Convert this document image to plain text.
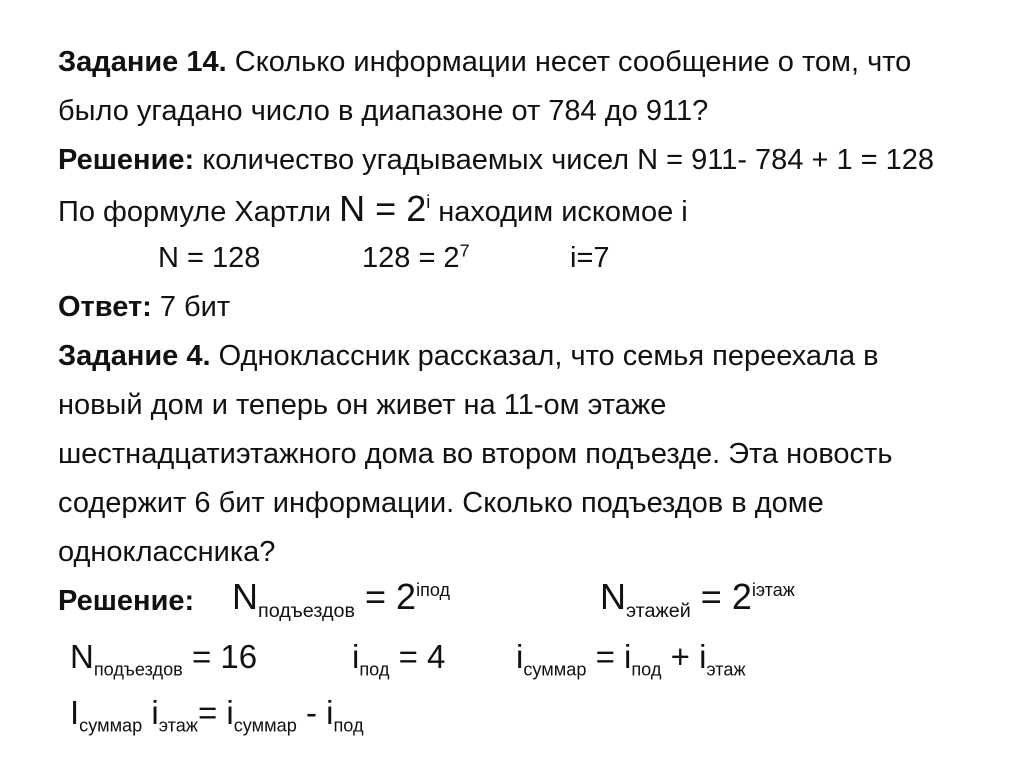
Задание 14. Сколько информации несет сообщение о том, что
было угадано число в диапазоне от 784 до 911?
Решение: количество угадываемых чисел N = 911- 784 + 1 = 128
По формуле Хартли $N = 2^i$ находим искомое i
N = 128	$128 = 2^7$	i=7
Ответ: 7 бит
Задание 4. Одноклассник рассказал, что семья переехала в
новый дом и теперь он живет на 11-ом этаже
шестнадцатиэтажного дома во втором подъезде. Эта новость
содержит 6 бит информации. Сколько подъездов в доме
одноклассника?
Решение: $N_{подъездов} = 2^{iпод}$	$N_{этажей} = 2^{iэтаж}$
$N_{подъездов} = 16$	$i_{под} = 4$ $i_{суммар} = i_{под} + i_{этаж}$
$I_{суммар}$ $i_{этаж}= i_{суммар} - i_{под}$
